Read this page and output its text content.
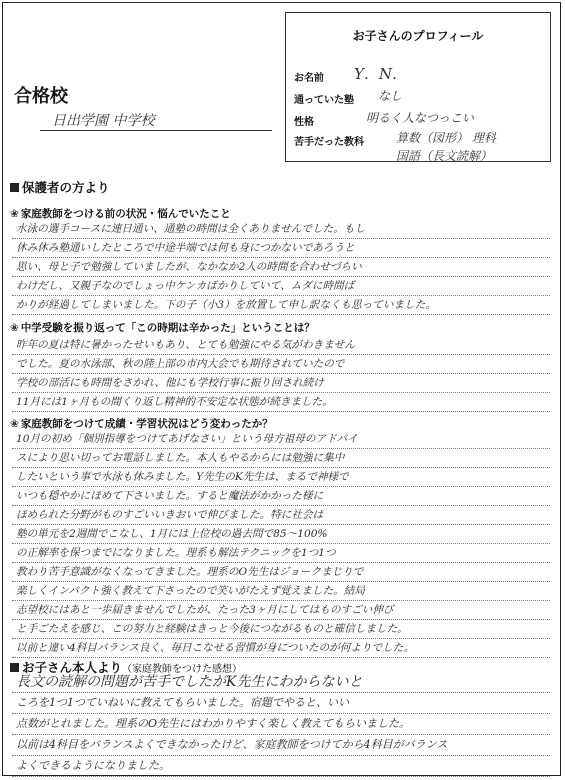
お子さんのプロフィール
お名前 Y．N．
通っていた塾 なし
性格	明るく人なつっこい
苦手だった教科	算数（図形） 理科
国語（長文読解）
合格校
日出学園 中学校
保護者の方より
❀ 家庭教師をつける前の状況・悩んでいたこと
水泳の選手コースに連日通い、通塾の時間は全くありませんでした。もし
休み休み塾通いしたところで中途半端では何も身につかないであろうと
思い、母と子で勉強していましたが、なかなか2人の時間を合わせづらい
わけだし、又親子なのでしょっ中ケンカばかりしていて、ムダに時間ば
かりが経過してしまいました。下の子（小3）を放置して申し訳なくも思っていました。
❀ 中学受験を振り返って「この時期は辛かった」ということは？
昨年の夏は特に暑かったせいもあり、とても勉強にやる気がわきません
でした。夏の水泳部、秋の陸上部の市内大会でも期待されていたので
学校の部活にも時間をさかれ、他にも学校行事に振り回され続け
11月には1ヶ月もの間くり返し精神的不安定な状態が続きました。
❀ 家庭教師をつけて成績・学習状況はどう変わったか？
10月の初め「個別指導をつけてあげなさい」という母方祖母のアドバイ
スにより思い切ってお電話しました。本人もやるからには勉強に集中
したいという事で水泳も休みました。Y先生のK先生は、まるで神様で
いつも穏やかにほめて下さいました。すると魔法がかかった様に
ほめられた分野がものすごいいきおいで伸びました。特に社会は
塾の単元を2週間でこなし、1月には上位校の過去問で85～100%
の正解率を保つまでになりました。理系も解法テクニックを1つ1つ
教わり苦手意識がなくなってきました。理系のO先生はジョークまじりで
楽しくインパクト強く教えて下さったので笑いがたえず覚えました。結局
志望校にはあと一歩届きませんでしたが、たった3ヶ月にしてはものすごい伸び
と手ごたえを感じ、この努力と経験はきっと今後につながるものと確信しました。
以前と違い4科目バランス良く、毎日こなせる習慣が身についたのが何よりでした。
お子さん本人より（家庭教師をつけた感想）
長文の読解の問題が苦手でしたがK先生にわからないと
ころを1つ1つていねいに教えてもらいました。宿題でやると、いい
点数がとれました。理系のO先生にはわかりやすく楽しく教えてもらいました。
以前は4科目をバランスよくできなかったけど、家庭教師をつけてから4科目がバランス
よくできるようになりました。
